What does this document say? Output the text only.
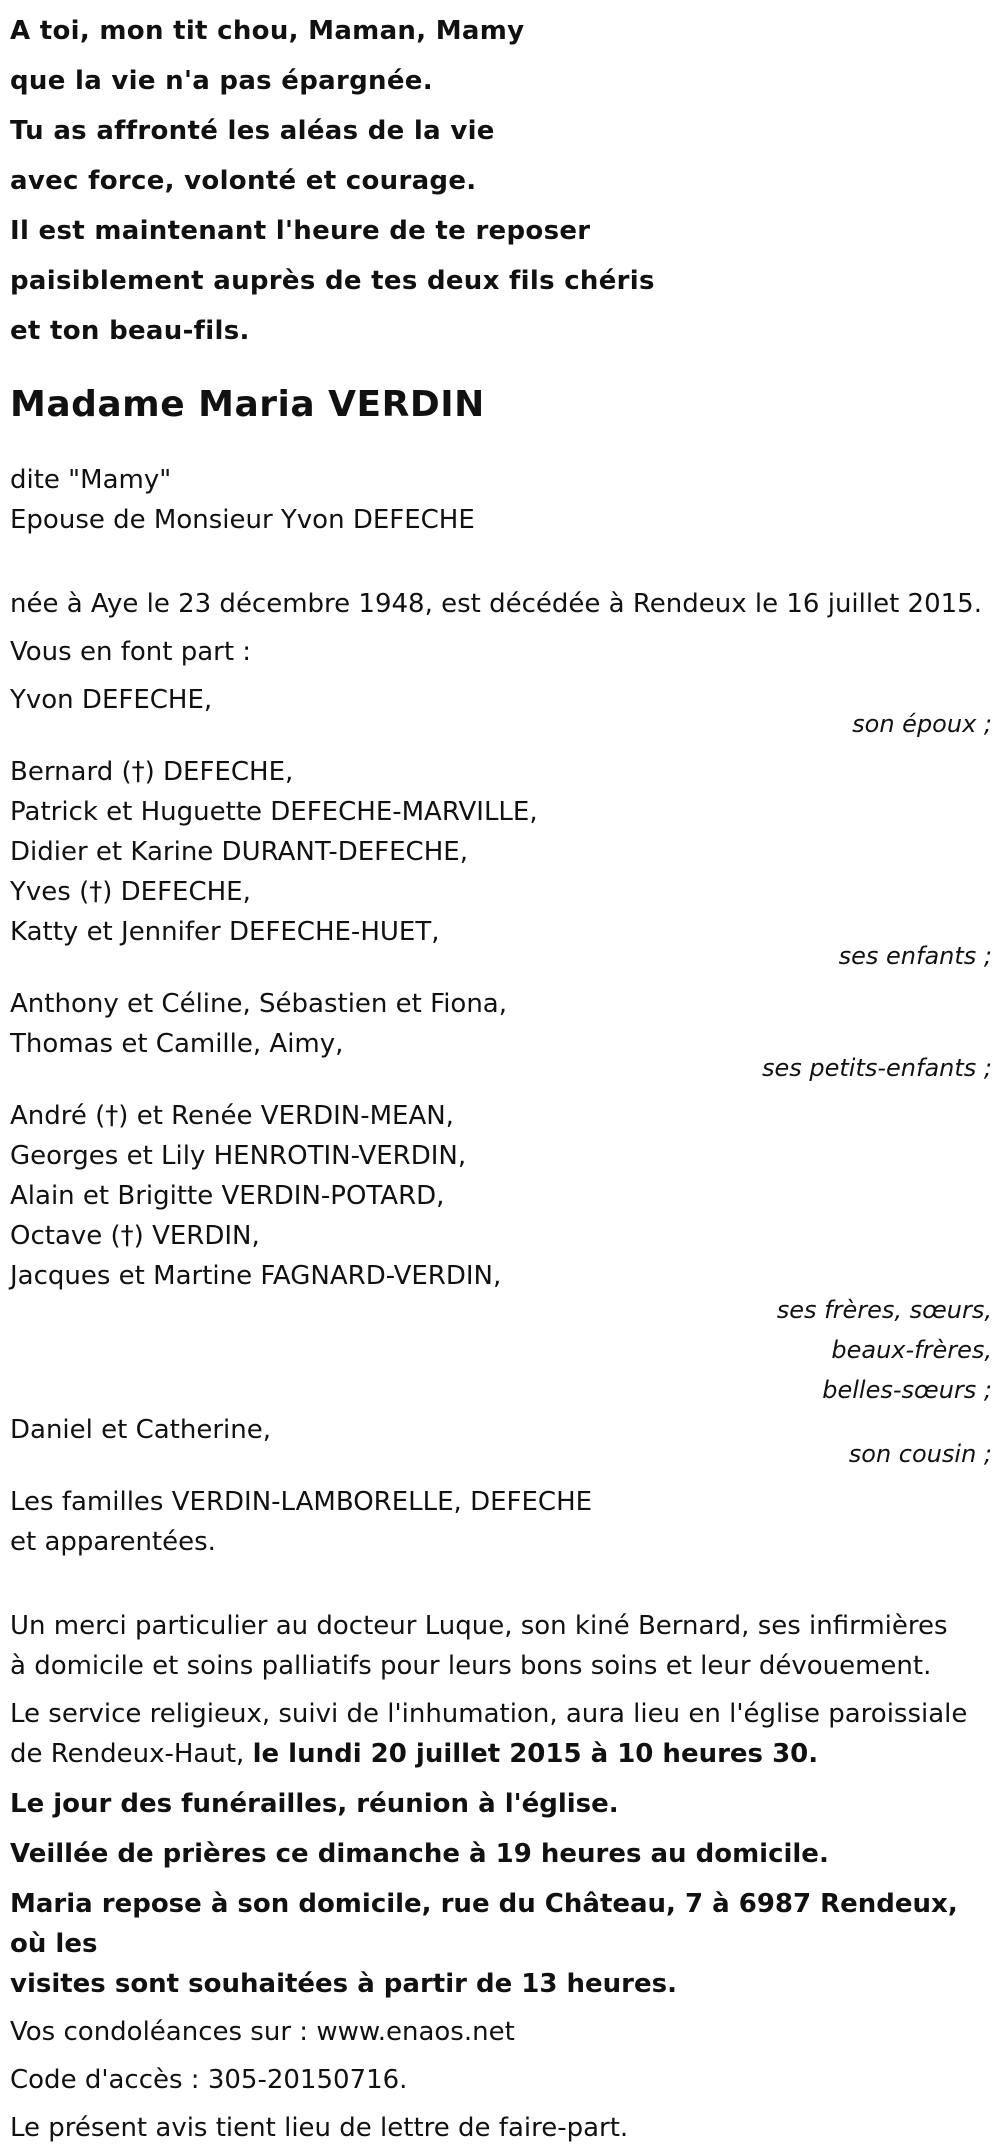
A toi, mon tit chou, Maman, Mamy

que la vie n'a pas épargnée.

Tu as affronté les aléas de la vie

avec force, volonté et courage.

Il est maintenant l'heure de te reposer

paisiblement auprès de tes deux fils chéris

et ton beau-fils.

Madame Maria VERDIN

dite "Mamy"

Epouse de Monsieur Yvon DEFECHE

née à Aye le 23 décembre 1948, est décédée à Rendeux le 16 juillet 2015.

Vous en font part :

Yvon DEFECHE,

son époux ;

Bernard (†) DEFECHE,

Patrick et Huguette DEFECHE-MARVILLE,

Didier et Karine DURANT-DEFECHE,

Yves (†) DEFECHE,

Katty et Jennifer DEFECHE-HUET,

ses enfants ;

Anthony et Céline, Sébastien et Fiona,

Thomas et Camille, Aimy,

ses petits-enfants ;

André (†) et Renée VERDIN-MEAN,

Georges et Lily HENROTIN-VERDIN,

Alain et Brigitte VERDIN-POTARD,

Octave (†) VERDIN,

Jacques et Martine FAGNARD-VERDIN,

ses frères, sœurs,

beaux-frères,

belles-sœurs ;

Daniel et Catherine,

son cousin ;

Les familles VERDIN-LAMBORELLE, DEFECHE

et apparentées.

Un merci particulier au docteur Luque, son kiné Bernard, ses infirmières

à domicile et soins palliatifs pour leurs bons soins et leur dévouement.

Le service religieux, suivi de l'inhumation, aura lieu en l'église paroissiale

de Rendeux-Haut, le lundi 20 juillet 2015 à 10 heures 30.

Le jour des funérailles, réunion à l'église.

Veillée de prières ce dimanche à 19 heures au domicile.

Maria repose à son domicile, rue du Château, 7 à 6987 Rendeux, où les

visites sont souhaitées à partir de 13 heures.

Vos condoléances sur : www.enaos.net

Code d'accès : 305-20150716.

Le présent avis tient lieu de lettre de faire-part.
